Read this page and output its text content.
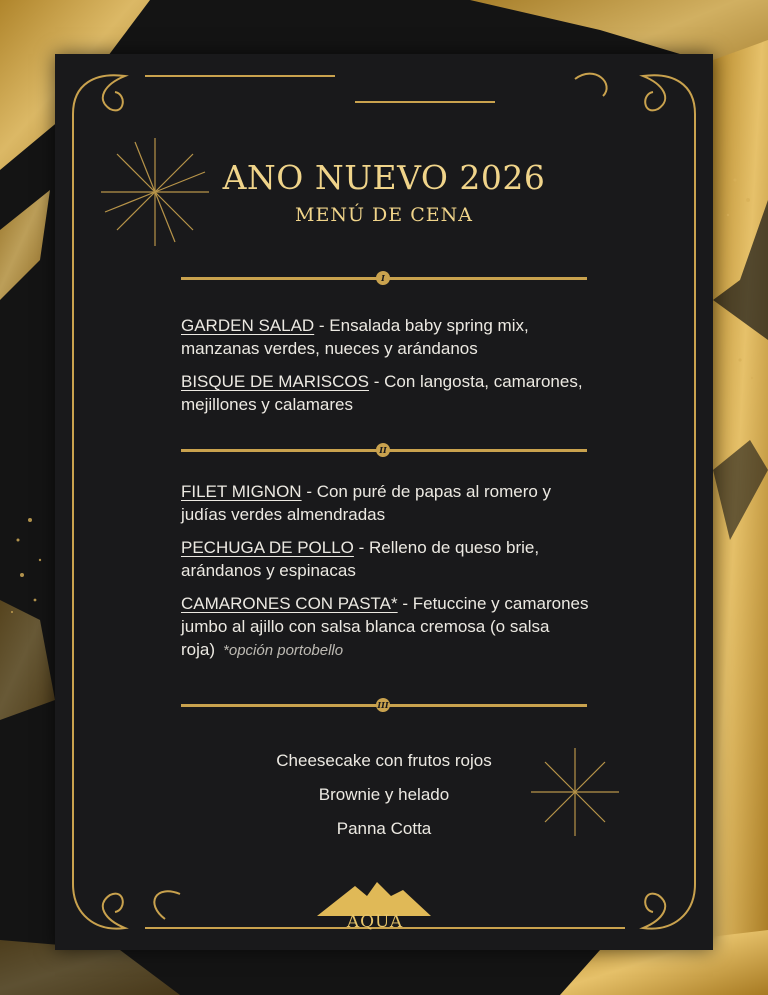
ANO NUEVO 2026
MENÚ DE CENA
I

GARDEN SALAD - Ensalada baby spring mix, manzanas verdes, nueces y arándanos

BISQUE DE MARISCOS - Con langosta, camarones, mejillones y calamares

II

FILET MIGNON - Con puré de papas al romero y judías verdes almendradas

PECHUGA DE POLLO - Relleno de queso brie, arándanos y espinacas

CAMARONES CON PASTA* - Fetuccine y camarones jumbo al ajillo con salsa blanca cremosa (o salsa roja) *opción portobello

III

Cheesecake con frutos rojos

Brownie y helado

Panna Cotta

AQUA
